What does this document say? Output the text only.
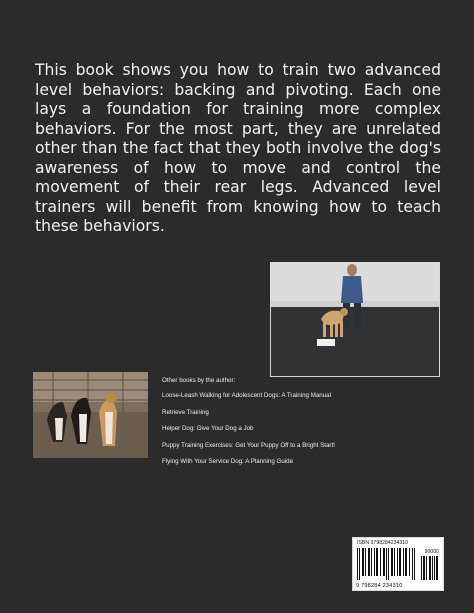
This book shows you how to train two advanced level behaviors: backing and pivoting. Each one lays a foundation for training more complex behaviors. For the most part, they are unrelated other than the fact that they both involve the dog's awareness of how to move and control the movement of their rear legs. Advanced level trainers will benefit from knowing how to teach these behaviors.

Other books by the author:

Loose-Leash Walking for Adolescent Dogs: A Training Manual

Retrieve Training

Helper Dog: Give Your Dog a Job

Puppy Training Exercises: Get Your Puppy Off to a Bright Start!

Flying With Your Service Dog: A Planning Guide

ISBN 9798284234310
90000
9 798284 234310
